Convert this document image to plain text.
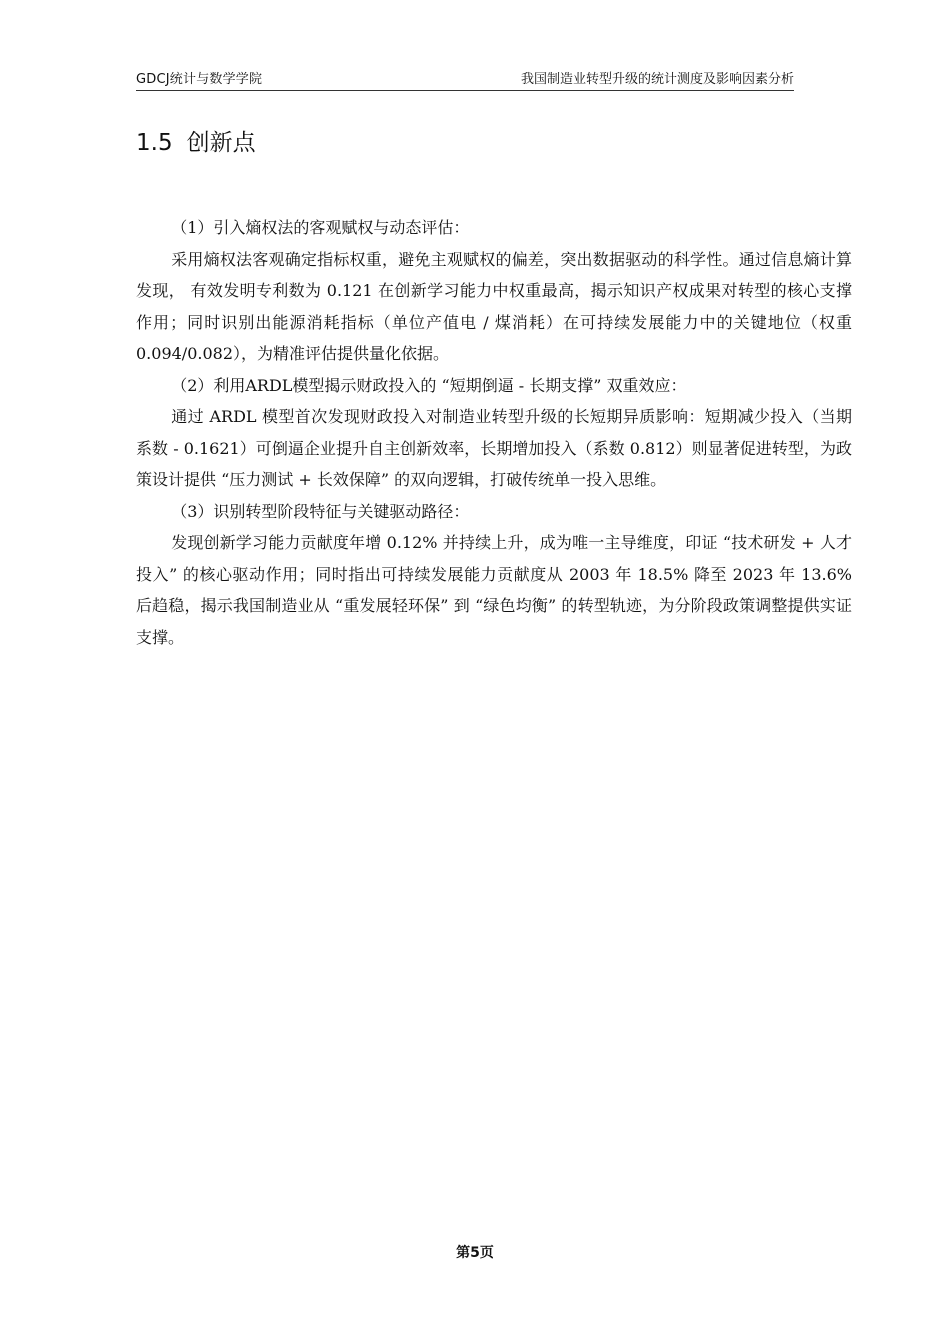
GDCJ统计与数学学院	我国制造业转型升级的统计测度及影响因素分析
1.5 创新点

（1）引入熵权法的客观赋权与动态评估：

采用熵权法客观确定指标权重，避免主观赋权的偏差，突出数据驱动的科学性。通过信息熵计算发现， 有效发明专利数为 0.121 在创新学习能力中权重最高，揭示知识产权成果对转型的核心支撑作用；同时识别出能源消耗指标（单位产值电 / 煤消耗）在可持续发展能力中的关键地位（权重 0.094/0.082），为精准评估提供量化依据。

（2）利用ARDL模型揭示财政投入的 “短期倒逼 - 长期支撑” 双重效应：

通过 ARDL 模型首次发现财政投入对制造业转型升级的长短期异质影响：短期减少投入（当期系数 - 0.1621）可倒逼企业提升自主创新效率，长期增加投入（系数 0.812）则显著促进转型，为政策设计提供 “压力测试 + 长效保障” 的双向逻辑，打破传统单一投入思维。

（3）识别转型阶段特征与关键驱动路径：

发现创新学习能力贡献度年增 0.12% 并持续上升，成为唯一主导维度，印证 “技术研发 + 人才投入” 的核心驱动作用；同时指出可持续发展能力贡献度从 2003 年 18.5% 降至 2023 年 13.6% 后趋稳，揭示我国制造业从 “重发展轻环保” 到 “绿色均衡” 的转型轨迹，为分阶段政策调整提供实证支撑。

第5页
